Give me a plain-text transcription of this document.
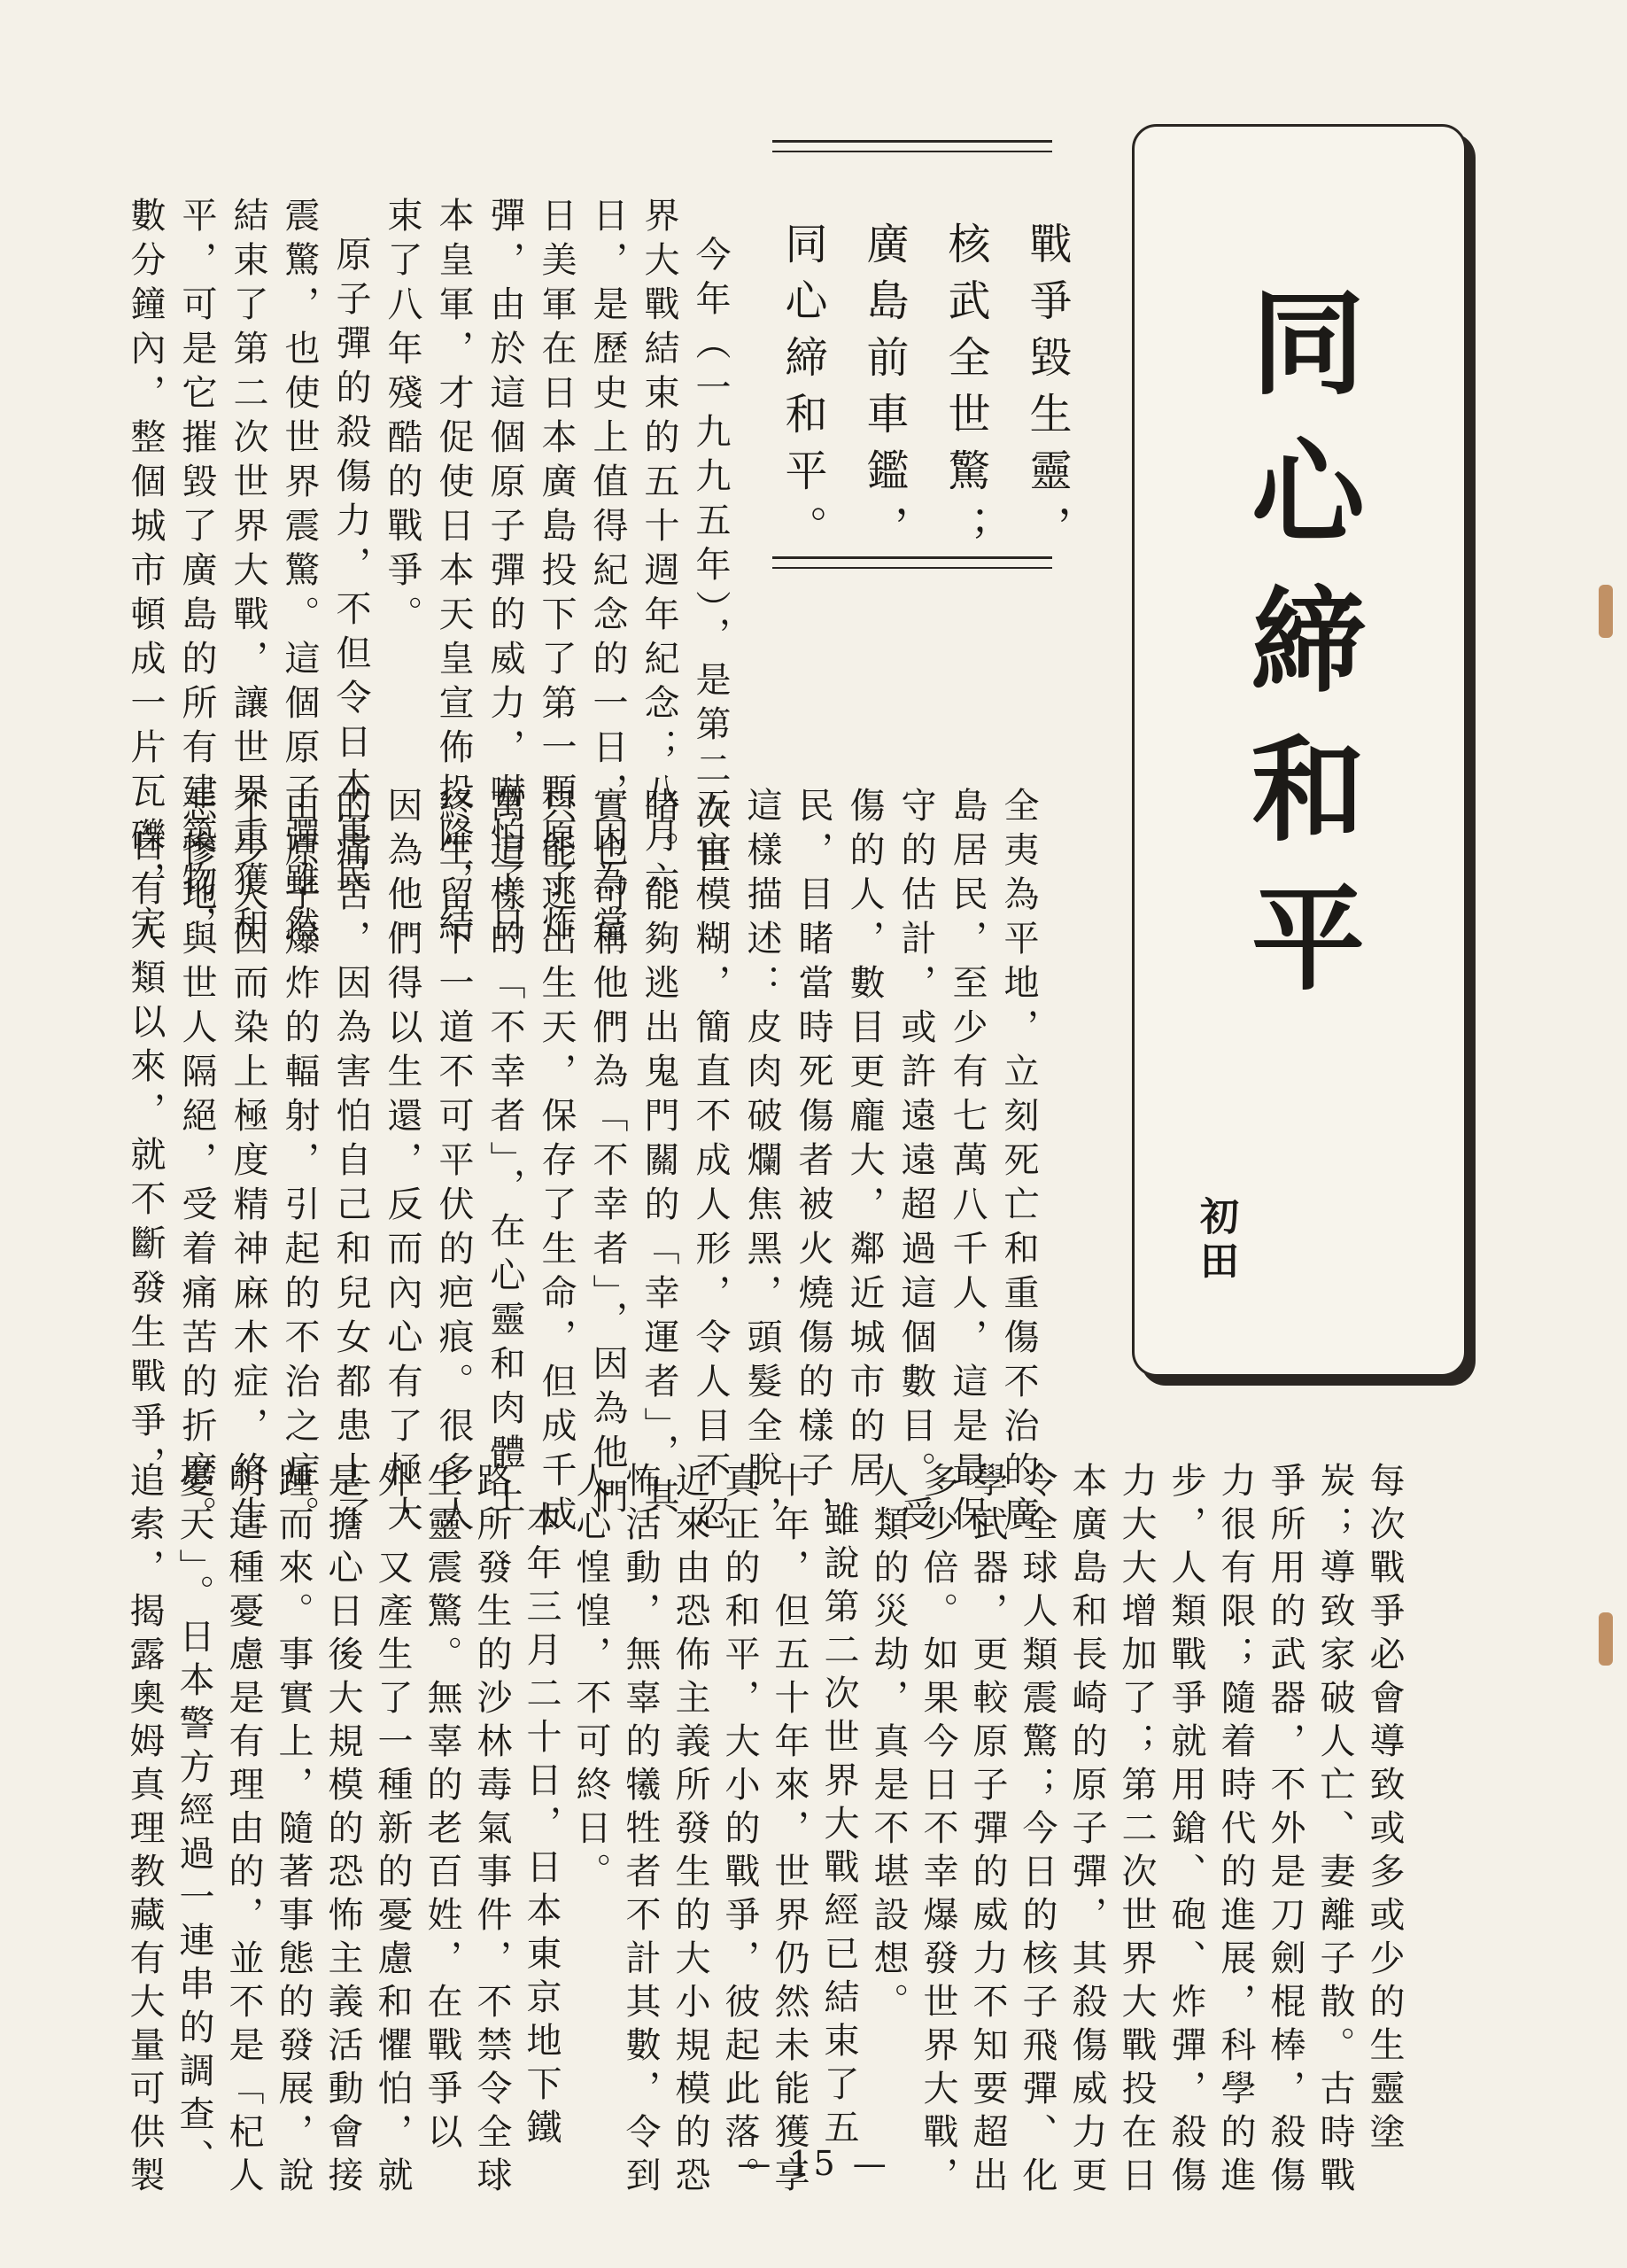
同心締和平
初田
戰爭毀生靈，
核武全世驚；
廣島前車鑑，
同心締和平。
今年（一九九五年），是第二次世
界大戰結束的五十週年紀念；八月六
日，是歷史上值得紀念的一日，因為當
日美軍在日本廣島投下了第一顆原子炸
彈，由於這個原子彈的威力，嚇怕了日
本皇軍，才促使日本天皇宣佈投降，結
束了八年殘酷的戰爭。
原子彈的殺傷力，不但令日本軍民
震驚，也使世界震驚。這個原子彈雖然
結束了第二次世界大戰，讓世界重獲和
平，可是它摧毀了廣島的所有建築物，
數分鐘內，整個城市頓成一片瓦礫，完
全夷為平地，立刻死亡和重傷不治的廣
島居民，至少有七萬八千人，這是最保
守的估計，或許遠遠超過這個數目。受
傷的人，數目更龐大，鄰近城市的居
民，目睹當時死傷者被火燒傷的樣子，
這樣描述：皮肉破爛焦黑，頭髮全脫，
五官模糊，簡直不成人形，令人目不忍
睹。能夠逃出鬼門關的「幸運者」，其
實也可稱他們為「不幸者」，因為他們
只能逃出生天，保存了生命，但成千成
萬這樣的「不幸者」，在心靈和肉體上
終生留下一道不可平伏的疤痕。很多人
因為他們得以生還，反而內心有了極大
的痛苦，因為害怕自己和兒女都患上了
由原子爆炸的輻射，引起的不治之症。
不少人因而染上極度精神麻木症，終生
悲慘地與世人隔絕，受着痛苦的折磨。
自有人類以來，就不斷發生戰爭，
每次戰爭必會導致或多或少的生靈塗
炭；導致家破人亡、妻離子散。古時戰
爭所用的武器，不外是刀劍棍棒，殺傷
力很有限；隨着時代的進展，科學的進
步，人類戰爭就用鎗、砲、炸彈，殺傷
力大大增加了；第二次世界大戰投在日
本廣島和長崎的原子彈，其殺傷威力更
令全球人類震驚；今日的核子飛彈、化
學武器，更較原子彈的威力不知要超出
多少倍。如果今日不幸爆發世界大戰，
人類的災劫，真是不堪設想。
雖說第二次世界大戰經已結束了五
十年，但五十年來，世界仍然未能獲享
真正的和平，大小的戰爭，彼起此落。
近來由恐佈主義所發生的大小規模的恐
怖活動，無辜的犧牲者不計其數，令到
人心惶惶，不可終日。
本年三月二十日，日本東京地下鐵
路所發生的沙林毒氣事件，不禁令全球
生靈震驚。無辜的老百姓，在戰爭以
外，又產生了一種新的憂慮和懼怕，就
是擔心日後大規模的恐怖主義活動會接
踵而來。事實上，隨著事態的發展，說
明這種憂慮是有理由的，並不是「杞人
憂天」。日本警方經過一連串的調查、
追索，揭露奧姆真理教藏有大量可供製	— 15 —
